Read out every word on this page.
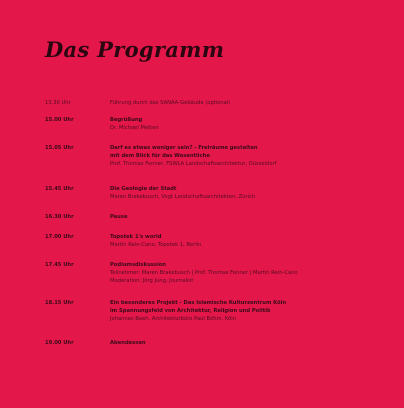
Das Programm
13.30 Uhr	Führung durch das SANAA-Gebäude (optional)
15.00 Uhr	Begrüßung
Dr. Michael Metten
15.05 Uhr	Darf es etwas weniger sein? - Freiräume gestalten
mit dem Blick für das Wesentliche
Prof. Thomas Fenner, FSWLA Landschaftsarchitektur, Düsseldorf
15.45 Uhr	Die Geologie der Stadt
Maren Brakebusch, Vogt Landschaftsarchitekten, Zürich
16.30 Uhr	Pause
17.00 Uhr	Topotek 1's world
Martin Rein-Cano, Topotek 1, Berlin
17.45 Uhr	Podiumsdiskussion
Teilnehmer: Maren Brakebusch | Prof. Thomas Fenner | Martin Rein-Cano
Moderation: Jörg Jung, Journalist
18.15 Uhr	Ein besonderes Projekt - Das Islamische Kulturzentrum Köln
im Spannungsfeld von Architektur, Religion und Politik
Johannes Beeh, Architekturbüro Paul Böhm, Köln
19.00 Uhr	Abendessen
